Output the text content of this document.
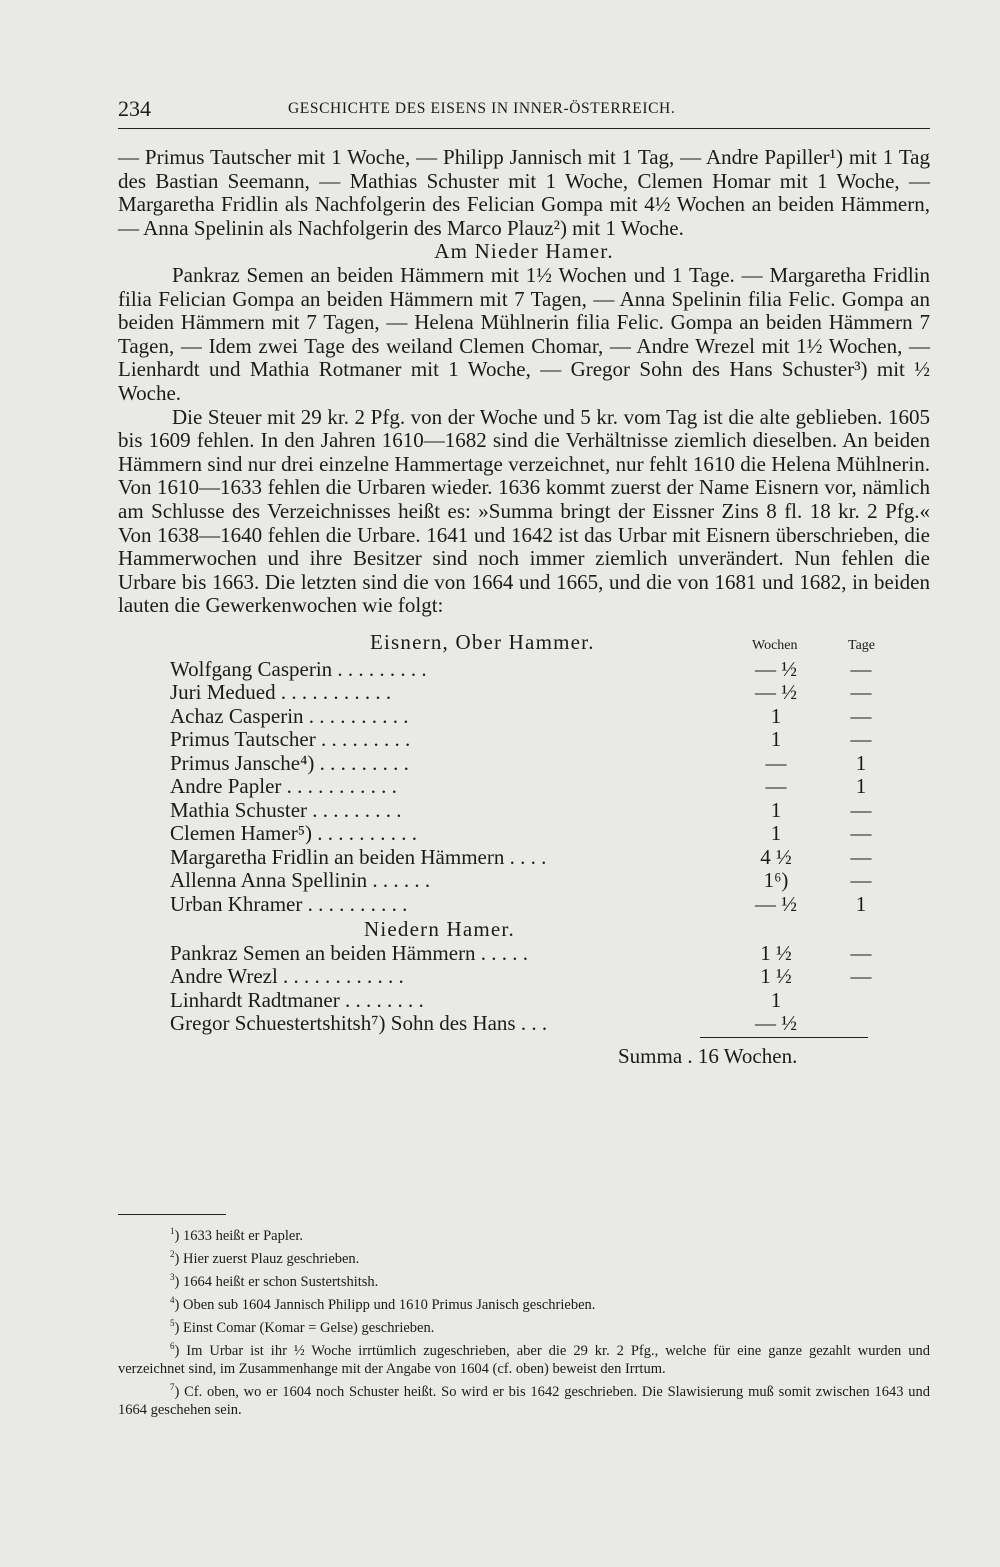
234	GESCHICHTE DES EISENS IN INNER-ÖSTERREICH.

— Primus Tautscher mit 1 Woche, — Philipp Jannisch mit 1 Tag, — Andre Papiller¹) mit 1 Tag des Bastian Seemann, — Mathias Schuster mit 1 Woche, Clemen Homar mit 1 Woche, — Margaretha Fridlin als Nachfolgerin des Felician Gompa mit 4½ Wochen an beiden Hämmern, — Anna Spelinin als Nachfolgerin des Marco Plauz²) mit 1 Woche.

Am Nieder Hamer.

Pankraz Semen an beiden Hämmern mit 1½ Wochen und 1 Tage. — Margaretha Fridlin filia Felician Gompa an beiden Hämmern mit 7 Tagen, — Anna Spelinin filia Felic. Gompa an beiden Hämmern mit 7 Tagen, — Helena Mühlnerin filia Felic. Gompa an beiden Hämmern 7 Tagen, — Idem zwei Tage des weiland Clemen Chomar, — Andre Wrezel mit 1½ Wochen, — Lienhardt und Mathia Rotmaner mit 1 Woche, — Gregor Sohn des Hans Schuster³) mit ½ Woche.

Die Steuer mit 29 kr. 2 Pfg. von der Woche und 5 kr. vom Tag ist die alte geblieben. 1605 bis 1609 fehlen. In den Jahren 1610—1682 sind die Verhältnisse ziemlich dieselben. An beiden Hämmern sind nur drei einzelne Hammertage verzeichnet, nur fehlt 1610 die Helena Mühlnerin. Von 1610—1633 fehlen die Urbaren wieder. 1636 kommt zuerst der Name Eisnern vor, nämlich am Schlusse des Verzeichnisses heißt es: »Summa bringt der Eissner Zins 8 fl. 18 kr. 2 Pfg.« Von 1638—1640 fehlen die Urbare. 1641 und 1642 ist das Urbar mit Eisnern überschrieben, die Hammerwochen und ihre Besitzer sind noch immer ziemlich unverändert. Nun fehlen die Urbare bis 1663. Die letzten sind die von 1664 und 1665, und die von 1681 und 1682, in beiden lauten die Gewerkenwochen wie folgt:

Eisnern, Ober Hammer.	Wochen	Tage
Wolfgang Casperin . . . . . . . . .	— ½	—
Juri Medued . . . . . . . . . . .	— ½	—
Achaz Casperin . . . . . . . . . .	1	—
Primus Tautscher . . . . . . . . .	1	—
Primus Jansche⁴) . . . . . . . . .	—	1
Andre Papler . . . . . . . . . . .	—	1
Mathia Schuster . . . . . . . . .	1	—
Clemen Hamer⁵) . . . . . . . . . .	1	—
Margaretha Fridlin an beiden Hämmern . . . .	4 ½	—
Allenna Anna Spellinin . . . . . .	1⁶)	—
Urban Khramer . . . . . . . . . .	— ½	1

Niedern Hamer.

Pankraz Semen an beiden Hämmern . . . . .	1 ½	—
Andre Wrezl . . . . . . . . . . . .	1 ½	—
Linhardt Radtmaner . . . . . . . .	1
Gregor Schuestertshitsh⁷) Sohn des Hans . . .	— ½
Summa . 16 Wochen.

$^1$) 1633 heißt er Papler.

$^2$) Hier zuerst Plauz geschrieben.

$^3$) 1664 heißt er schon Sustertshitsh.

$^4$) Oben sub 1604 Jannisch Philipp und 1610 Primus Janisch geschrieben.

$^5$) Einst Comar (Komar = Gelse) geschrieben.

$^6$) Im Urbar ist ihr ½ Woche irrtümlich zugeschrieben, aber die 29 kr. 2 Pfg., welche für eine ganze gezahlt wurden und verzeichnet sind, im Zusammenhange mit der Angabe von 1604 (cf. oben) beweist den Irrtum.

$^7$) Cf. oben, wo er 1604 noch Schuster heißt. So wird er bis 1642 geschrieben. Die Slawisierung muß somit zwischen 1643 und 1664 geschehen sein.
